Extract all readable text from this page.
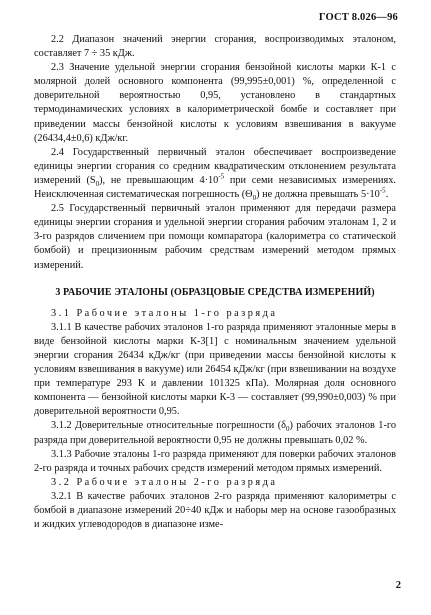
ГОСТ 8.026—96

2.2 Диапазон значений энергии сгорания, воспроизводимых эталоном, составляет 7 ÷ 35 кДж.

2.3 Значение удельной энергии сгорания бензойной кислоты марки К-1 с молярной долей основного компонента (99,995±0,001) %, определенной с доверительной вероятностью 0,95, установлено в стандартных термодинамических условиях в калориметрической бомбе и составляет при приведении массы бензойной кислоты к условиям взвешивания в вакууме (26434,4±0,6) кДж/кг.

2.4 Государственный первичный эталон обеспечивает воспроизведение единицы энергии сгорания со средним квадратическим отклонением результата измерений $(S_0)$, не превышающим $4\cdot 10^{-5}$ при семи независимых измерениях. Неисключенная систематическая погрешность $(\Theta_0)$ не должна превышать $5\cdot 10^{-5}$.

2.5 Государственный первичный эталон применяют для передачи размера единицы энергии сгорания и удельной энергии сгорания рабочим эталонам 1, 2 и 3-го разрядов сличением при помощи компаратора (калориметра со статической бомбой) и прецизионным рабочим средствам измерений методом прямых измерений.

3 РАБОЧИЕ ЭТАЛОНЫ (ОБРАЗЦОВЫЕ СРЕДСТВА ИЗМЕРЕНИЙ)

3.1 Рабочие эталоны 1-го разряда

3.1.1 В качестве рабочих эталонов 1-го разряда применяют эталонные меры в виде бензойной кислоты марки К-3[1] с номинальным значением удельной энергии сгорания 26434 кДж/кг (при приведении массы бензойной кислоты к условиям взвешивания в вакууме) или 26454 кДж/кг (при взвешивании на воздухе при температуре 293 К и давлении 101325 кПа). Молярная доля основного компонента — бензойной кислоты марки К-3 — составляет (99,990±0,003) % при доверительной вероятности 0,95.

3.1.2 Доверительные относительные погрешности $(\delta_0)$ рабочих эталонов 1-го разряда при доверительной вероятности 0,95 не должны превышать 0,02 %.

3.1.3 Рабочие эталоны 1-го разряда применяют для поверки рабочих эталонов 2-го разряда и точных рабочих средств измерений методом прямых измерений.

3.2 Рабочие эталоны 2-го разряда

3.2.1 В качестве рабочих эталонов 2-го разряда применяют калориметры с бомбой в диапазоне измерений 20÷40 кДж и наборы мер на основе газообразных и жидких углеводородов в диапазоне изме-

2
